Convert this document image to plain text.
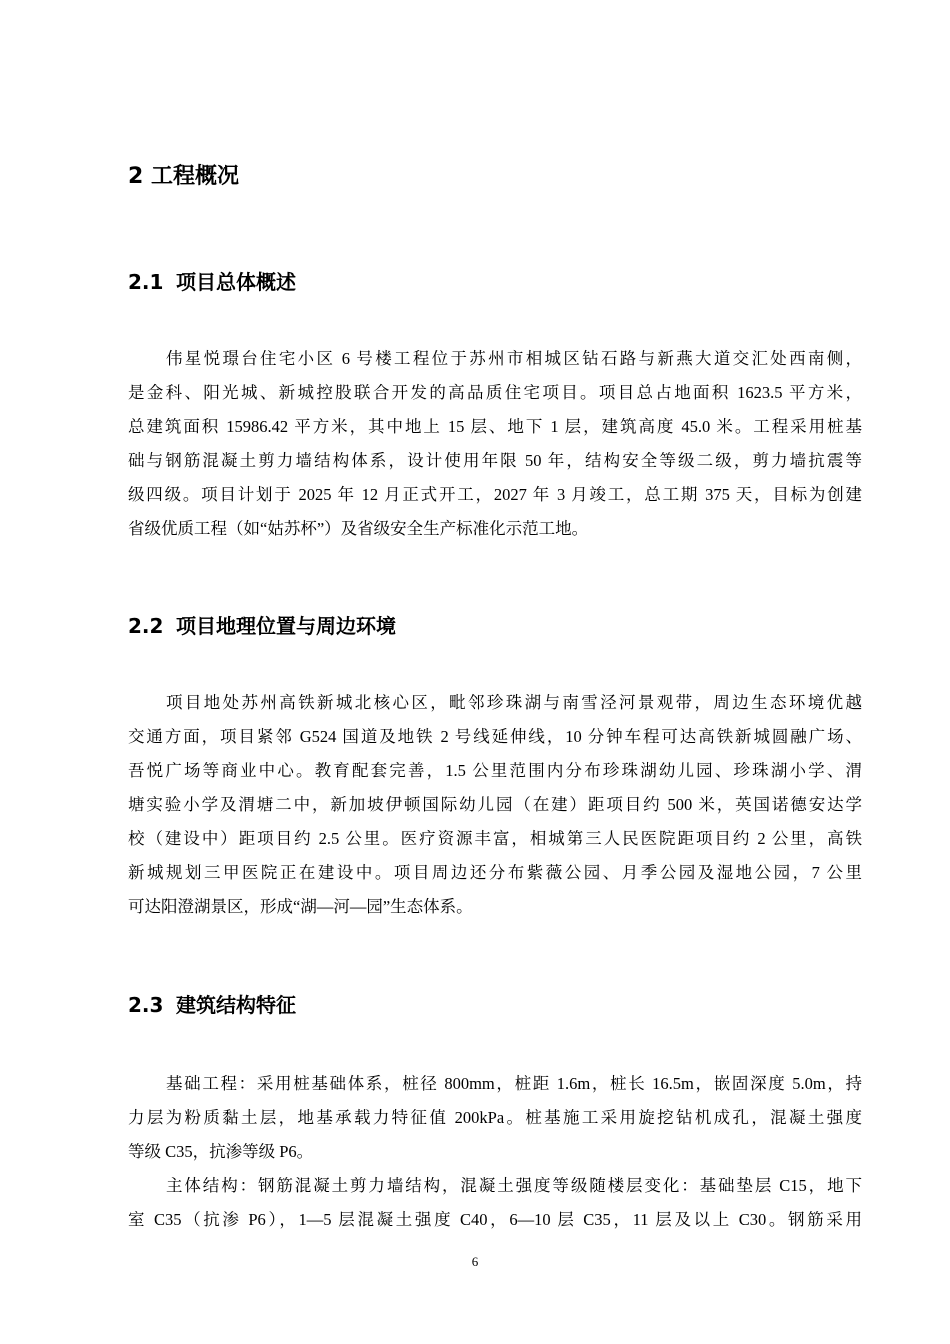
2 工程概况
2.1 项目总体概述
伟星悦璟台住宅小区 6 号楼工程位于苏州市相城区钻石路与新燕大道交汇处西南侧，
是金科、阳光城、新城控股联合开发的高品质住宅项目。项目总占地面积 1623.5 平方米，
总建筑面积 15986.42 平方米，其中地上 15 层、地下 1 层，建筑高度 45.0 米。工程采用桩基
础与钢筋混凝土剪力墙结构体系，设计使用年限 50 年，结构安全等级二级，剪力墙抗震等
级四级。项目计划于 2025 年 12 月正式开工，2027 年 3 月竣工，总工期 375 天，目标为创建
省级优质工程（如“姑苏杯”）及省级安全生产标准化示范工地。
2.2 项目地理位置与周边环境
项目地处苏州高铁新城北核心区，毗邻珍珠湖与南雪泾河景观带，周边生态环境优越
交通方面，项目紧邻 G524 国道及地铁 2 号线延伸线，10 分钟车程可达高铁新城圆融广场、
吾悦广场等商业中心。教育配套完善，1.5 公里范围内分布珍珠湖幼儿园、珍珠湖小学、渭
塘实验小学及渭塘二中，新加坡伊顿国际幼儿园（在建）距项目约 500 米，英国诺德安达学
校（建设中）距项目约 2.5 公里。医疗资源丰富，相城第三人民医院距项目约 2 公里，高铁
新城规划三甲医院正在建设中。项目周边还分布紫薇公园、月季公园及湿地公园，7 公里
可达阳澄湖景区，形成“湖—河—园”生态体系。
2.3 建筑结构特征
基础工程：采用桩基础体系，桩径 800mm，桩距 1.6m，桩长 16.5m，嵌固深度 5.0m，持
力层为粉质黏土层，地基承载力特征值 200kPa。桩基施工采用旋挖钻机成孔，混凝土强度
等级 C35，抗渗等级 P6。
主体结构：钢筋混凝土剪力墙结构，混凝土强度等级随楼层变化：基础垫层 C15，地下
室 C35（抗渗 P6），1—5 层混凝土强度 C40，6—10 层 C35，11 层及以上 C30。钢筋采用
6
